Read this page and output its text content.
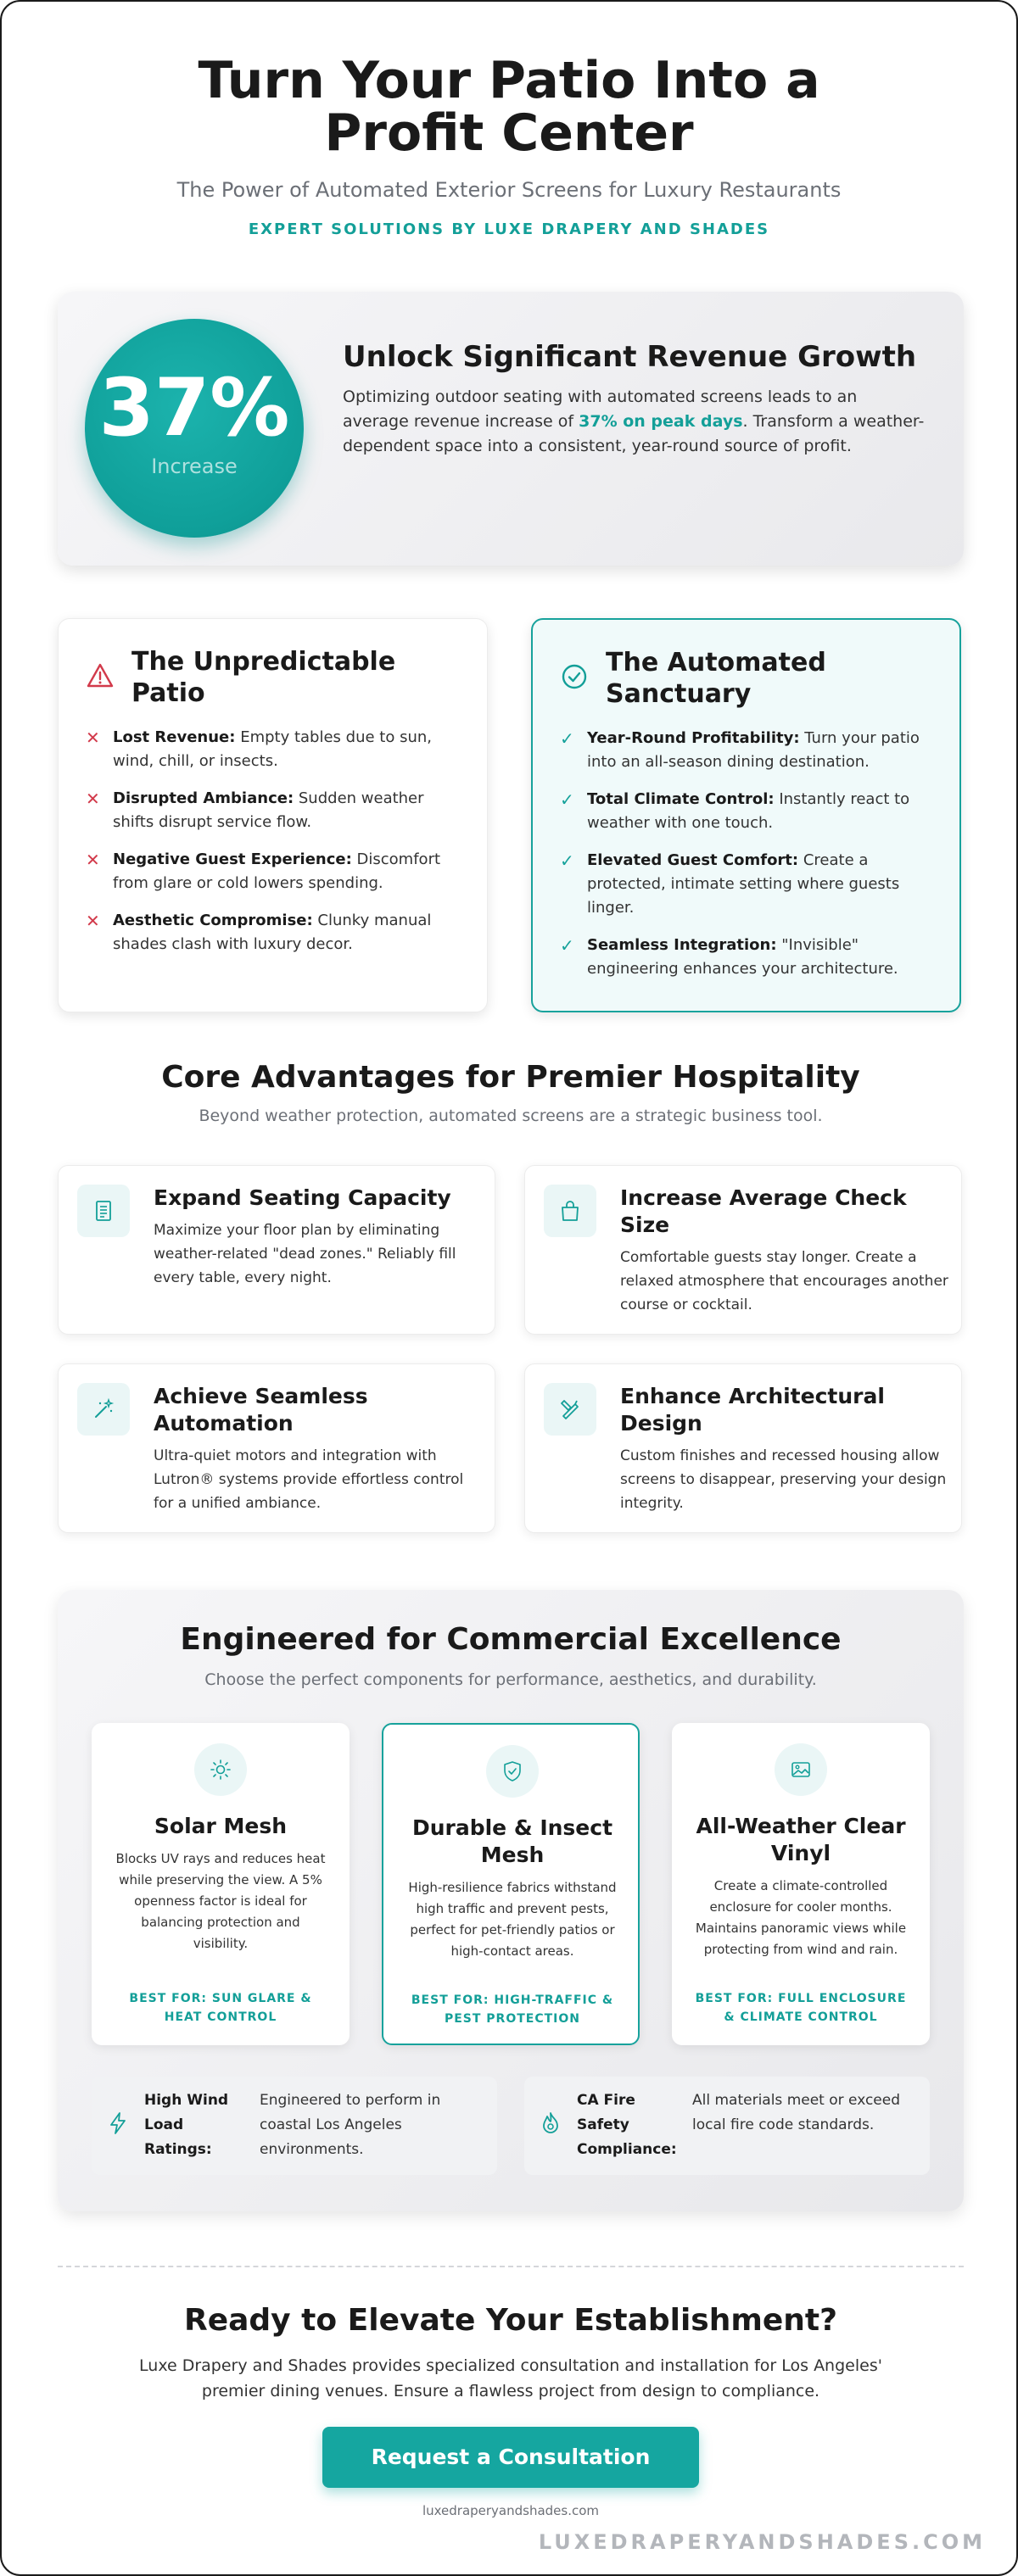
Turn Your Patio Into a Profit Center
The Power of Automated Exterior Screens for Luxury Restaurants
EXPERT SOLUTIONS BY LUXE DRAPERY AND SHADES
37%
Increase
Unlock Significant Revenue Growth

Optimizing outdoor seating with automated screens leads to an average revenue increase of 37% on peak days. Transform a weather-dependent space into a consistent, year-round source of profit.

The Unpredictable Patio
✕ Lost Revenue: Empty tables due to sun, wind, chill, or insects.
✕ Disrupted Ambiance: Sudden weather shifts disrupt service flow.
✕ Negative Guest Experience: Discomfort from glare or cold lowers spending.
✕ Aesthetic Compromise: Clunky manual shades clash with luxury decor.
The Automated Sanctuary
✓ Year-Round Profitability: Turn your patio into an all-season dining destination.
✓ Total Climate Control: Instantly react to weather with one touch.
✓ Elevated Guest Comfort: Create a protected, intimate setting where guests linger.
✓ Seamless Integration: "Invisible" engineering enhances your architecture.
Core Advantages for Premier Hospitality

Beyond weather protection, automated screens are a strategic business tool.

Expand Seating Capacity

Maximize your floor plan by eliminating weather-related "dead zones." Reliably fill every table, every night.

Increase Average Check Size

Comfortable guests stay longer. Create a relaxed atmosphere that encourages another course or cocktail.

Achieve Seamless Automation

Ultra-quiet motors and integration with Lutron® systems provide effortless control for a unified ambiance.

Enhance Architectural Design

Custom finishes and recessed housing allow screens to disappear, preserving your design integrity.

Engineered for Commercial Excellence

Choose the perfect components for performance, aesthetics, and durability.

Solar Mesh

Blocks UV rays and reduces heat while preserving the view. A 5% openness factor is ideal for balancing protection and visibility.

BEST FOR: SUN GLARE & HEAT CONTROL
Durable & Insect Mesh

High-resilience fabrics withstand high traffic and prevent pests, perfect for pet-friendly patios or high-contact areas.

BEST FOR: HIGH-TRAFFIC & PEST PROTECTION
All-Weather Clear Vinyl

Create a climate-controlled enclosure for cooler months. Maintains panoramic views while protecting from wind and rain.

BEST FOR: FULL ENCLOSURE & CLIMATE CONTROL
High Wind Load Ratings:
Engineered to perform in coastal Los Angeles environments.
CA Fire Safety Compliance:
All materials meet or exceed local fire code standards.
Ready to Elevate Your Establishment?

Luxe Drapery and Shades provides specialized consultation and installation for Los Angeles' premier dining venues. Ensure a flawless project from design to compliance.

Request a Consultation
luxedraperyandshades.com
LUXEDRAPERYANDSHADES.COM
